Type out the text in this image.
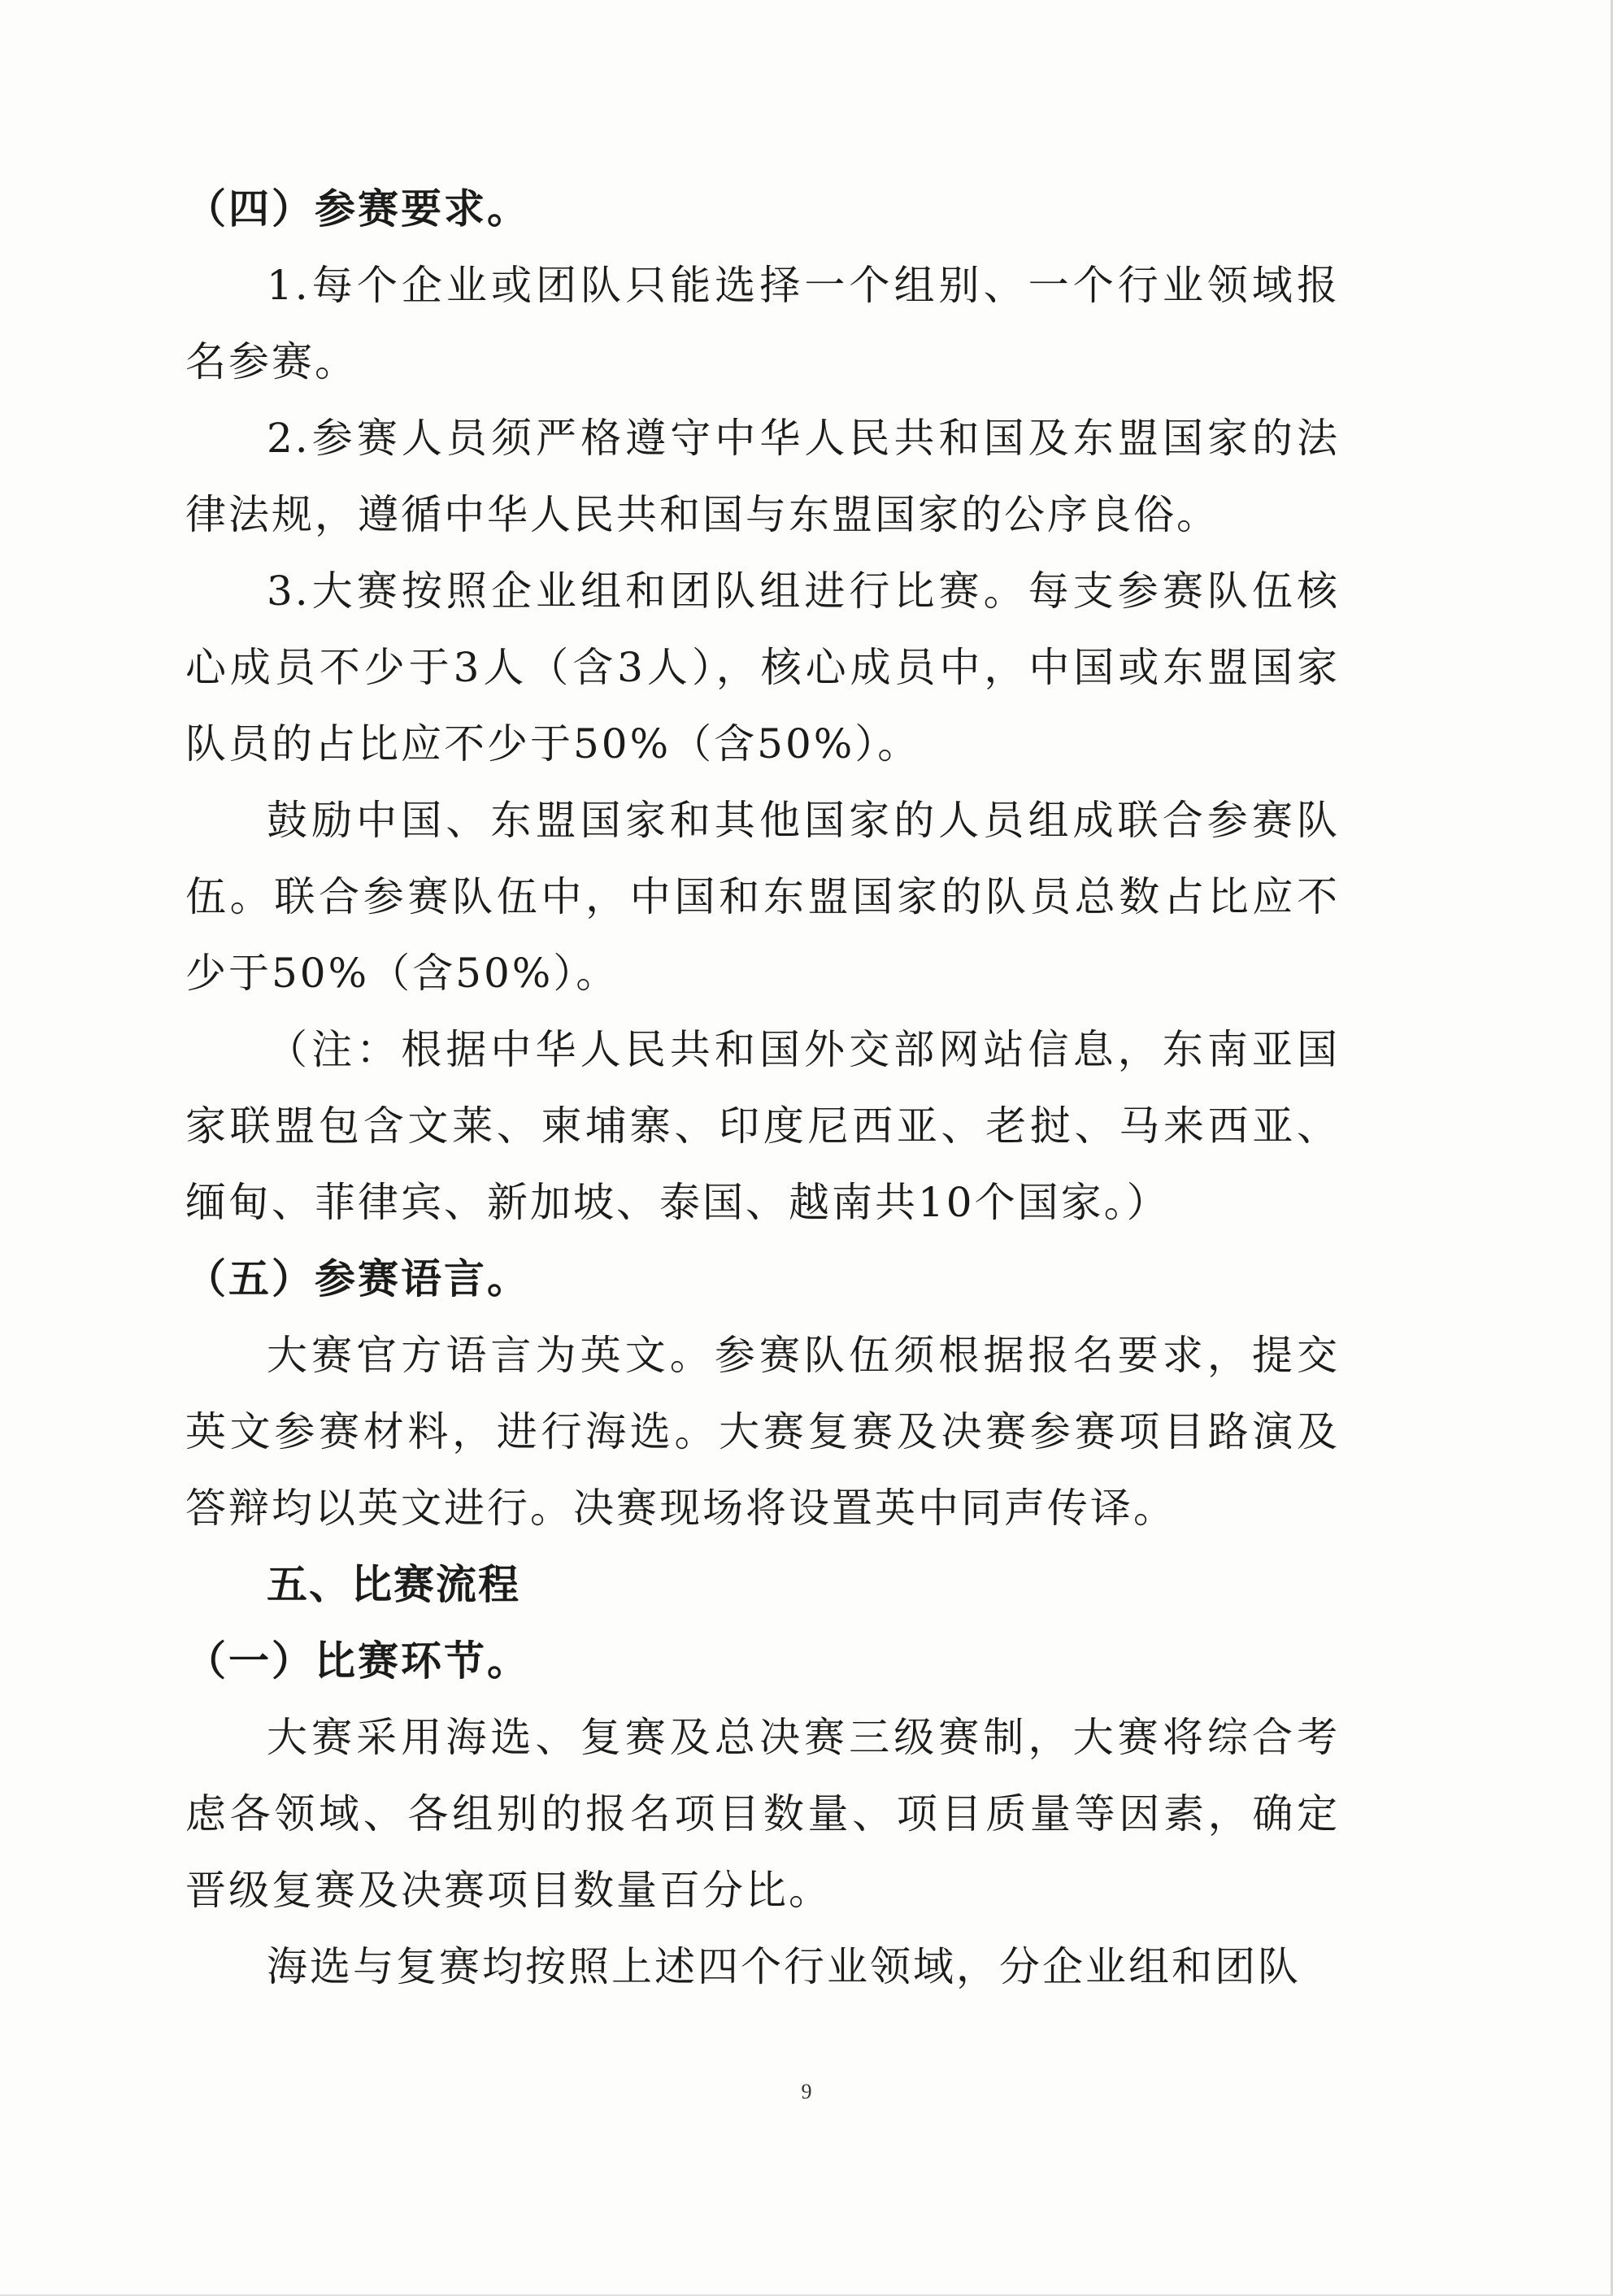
（四）参赛要求。

1.每个企业或团队只能选择一个组别、一个行业领域报名参赛。

2.参赛人员须严格遵守中华人民共和国及东盟国家的法律法规，遵循中华人民共和国与东盟国家的公序良俗。

3.大赛按照企业组和团队组进行比赛。每支参赛队伍核心成员不少于3人（含3人），核心成员中，中国或东盟国家队员的占比应不少于50%（含50%）。

鼓励中国、东盟国家和其他国家的人员组成联合参赛队伍。联合参赛队伍中，中国和东盟国家的队员总数占比应不少于50%（含50%）。

（注：根据中华人民共和国外交部网站信息，东南亚国家联盟包含文莱、柬埔寨、印度尼西亚、老挝、马来西亚、缅甸、菲律宾、新加坡、泰国、越南共10个国家。）

（五）参赛语言。

大赛官方语言为英文。参赛队伍须根据报名要求，提交英文参赛材料，进行海选。大赛复赛及决赛参赛项目路演及答辩均以英文进行。决赛现场将设置英中同声传译。

五、比赛流程

（一）比赛环节。

大赛采用海选、复赛及总决赛三级赛制，大赛将综合考虑各领域、各组别的报名项目数量、项目质量等因素，确定晋级复赛及决赛项目数量百分比。

海选与复赛均按照上述四个行业领域，分企业组和团队

9
